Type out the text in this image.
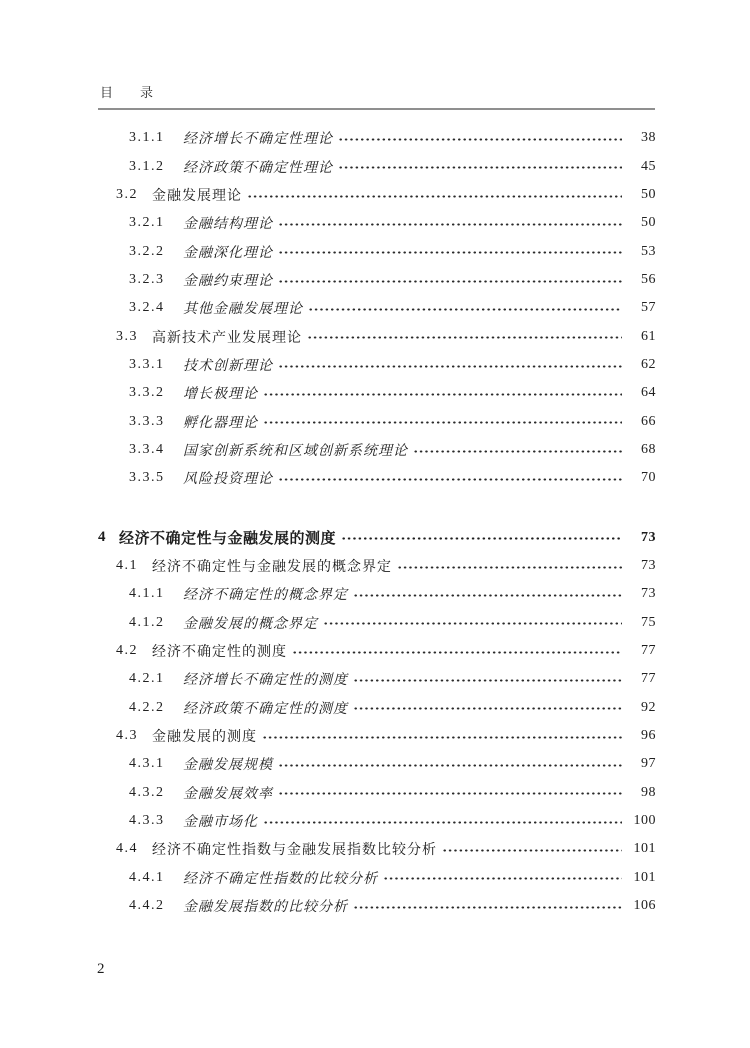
目录
3.1.1	经济增长不确定性理论	38
3.1.2	经济政策不确定性理论	45
3.2	金融发展理论	50
3.2.1	金融结构理论	50
3.2.2	金融深化理论	53
3.2.3	金融约束理论	56
3.2.4	其他金融发展理论	57
3.3	高新技术产业发展理论	61
3.3.1	技术创新理论	62
3.3.2	增长极理论	64
3.3.3	孵化器理论	66
3.3.4	国家创新系统和区域创新系统理论	68
3.3.5	风险投资理论	70
4 经济不确定性与金融发展的测度	73
4.1	经济不确定性与金融发展的概念界定	73
4.1.1	经济不确定性的概念界定	73
4.1.2	金融发展的概念界定	75
4.2	经济不确定性的测度	77
4.2.1	经济增长不确定性的测度	77
4.2.2	经济政策不确定性的测度	92
4.3	金融发展的测度	96
4.3.1	金融发展规模	97
4.3.2	金融发展效率	98
4.3.3	金融市场化	100
4.4	经济不确定性指数与金融发展指数比较分析	101
4.4.1	经济不确定性指数的比较分析	101
4.4.2	金融发展指数的比较分析	106
2
